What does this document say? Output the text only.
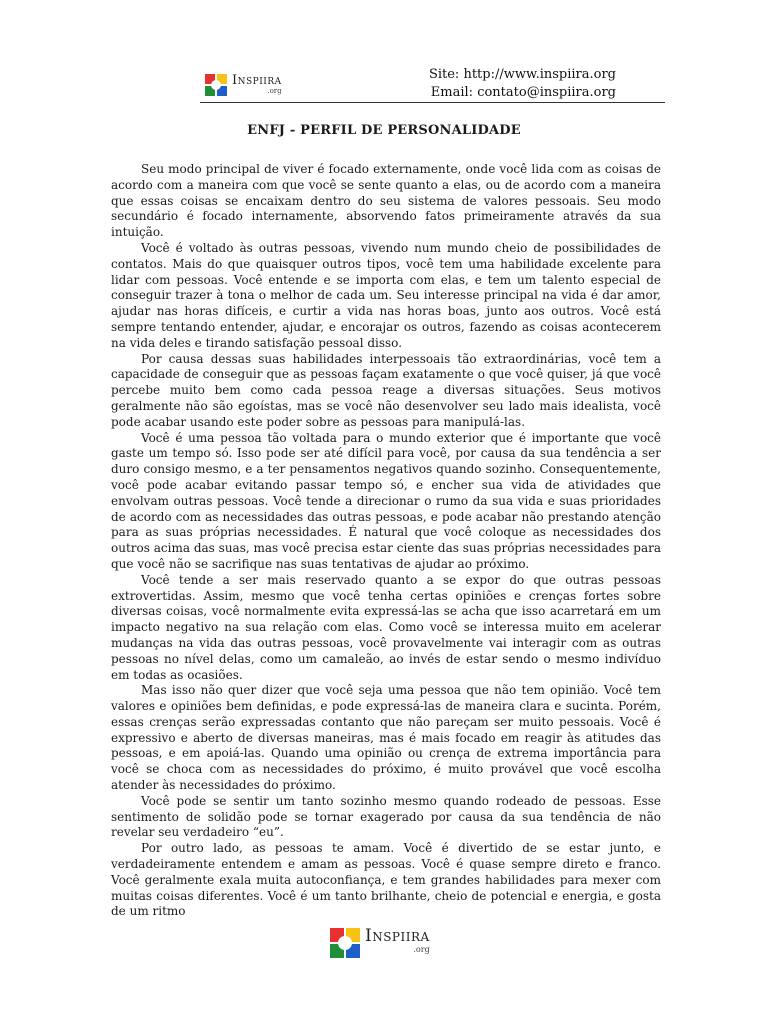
Inspiira
.org
Site: http://www.inspiira.org
Email: contato@inspiira.org
ENFJ - PERFIL DE PERSONALIDADE

Seu modo principal de viver é focado externamente, onde você lida com as coisas de acordo com a maneira com que você se sente quanto a elas, ou de acordo com a maneira que essas coisas se encaixam dentro do seu sistema de valores pessoais. Seu modo secundário é focado internamente, absorvendo fatos primeiramente através da sua intuição.

Você é voltado às outras pessoas, vivendo num mundo cheio de possibilidades de contatos. Mais do que quaisquer outros tipos, você tem uma habilidade excelente para lidar com pessoas. Você entende e se importa com elas, e tem um talento especial de conseguir trazer à tona o melhor de cada um. Seu interesse principal na vida é dar amor, ajudar nas horas difíceis, e curtir a vida nas horas boas, junto aos outros. Você está sempre tentando entender, ajudar, e encorajar os outros, fazendo as coisas acontecerem na vida deles e tirando satisfação pessoal disso.

Por causa dessas suas habilidades interpessoais tão extraordinárias, você tem a capacidade de conseguir que as pessoas façam exatamente o que você quiser, já que você percebe muito bem como cada pessoa reage a diversas situações. Seus motivos geralmente não são egoístas, mas se você não desenvolver seu lado mais idealista, você pode acabar usando este poder sobre as pessoas para manipulá-las.

Você é uma pessoa tão voltada para o mundo exterior que é importante que você gaste um tempo só. Isso pode ser até difícil para você, por causa da sua tendência a ser duro consigo mesmo, e a ter pensamentos negativos quando sozinho. Consequentemente, você pode acabar evitando passar tempo só, e encher sua vida de atividades que envolvam outras pessoas. Você tende a direcionar o rumo da sua vida e suas prioridades de acordo com as necessidades das outras pessoas, e pode acabar não prestando atenção para as suas próprias necessidades. É natural que você coloque as necessidades dos outros acima das suas, mas você precisa estar ciente das suas próprias necessidades para que você não se sacrifique nas suas tentativas de ajudar ao próximo.

Você tende a ser mais reservado quanto a se expor do que outras pessoas extrovertidas. Assim, mesmo que você tenha certas opiniões e crenças fortes sobre diversas coisas, você normalmente evita expressá-las se acha que isso acarretará em um impacto negativo na sua relação com elas. Como você se interessa muito em acelerar mudanças na vida das outras pessoas, você provavelmente vai interagir com as outras pessoas no nível delas, como um camaleão, ao invés de estar sendo o mesmo indivíduo em todas as ocasiões.

Mas isso não quer dizer que você seja uma pessoa que não tem opinião. Você tem valores e opiniões bem definidas, e pode expressá-las de maneira clara e sucinta. Porém, essas crenças serão expressadas contanto que não pareçam ser muito pessoais. Você é expressivo e aberto de diversas maneiras, mas é mais focado em reagir às atitudes das pessoas, e em apoiá-las. Quando uma opinião ou crença de extrema importância para você se choca com as necessidades do próximo, é muito provável que você escolha atender às necessidades do próximo.

Você pode se sentir um tanto sozinho mesmo quando rodeado de pessoas. Esse sentimento de solidão pode se tornar exagerado por causa da sua tendência de não revelar seu verdadeiro “eu”.

Por outro lado, as pessoas te amam. Você é divertido de se estar junto, e verdadeiramente entendem e amam as pessoas. Você é quase sempre direto e franco. Você geralmente exala muita autoconfiança, e tem grandes habilidades para mexer com muitas coisas diferentes. Você é um tanto brilhante, cheio de potencial e energia, e gosta de um ritmo

Inspiira
.org
